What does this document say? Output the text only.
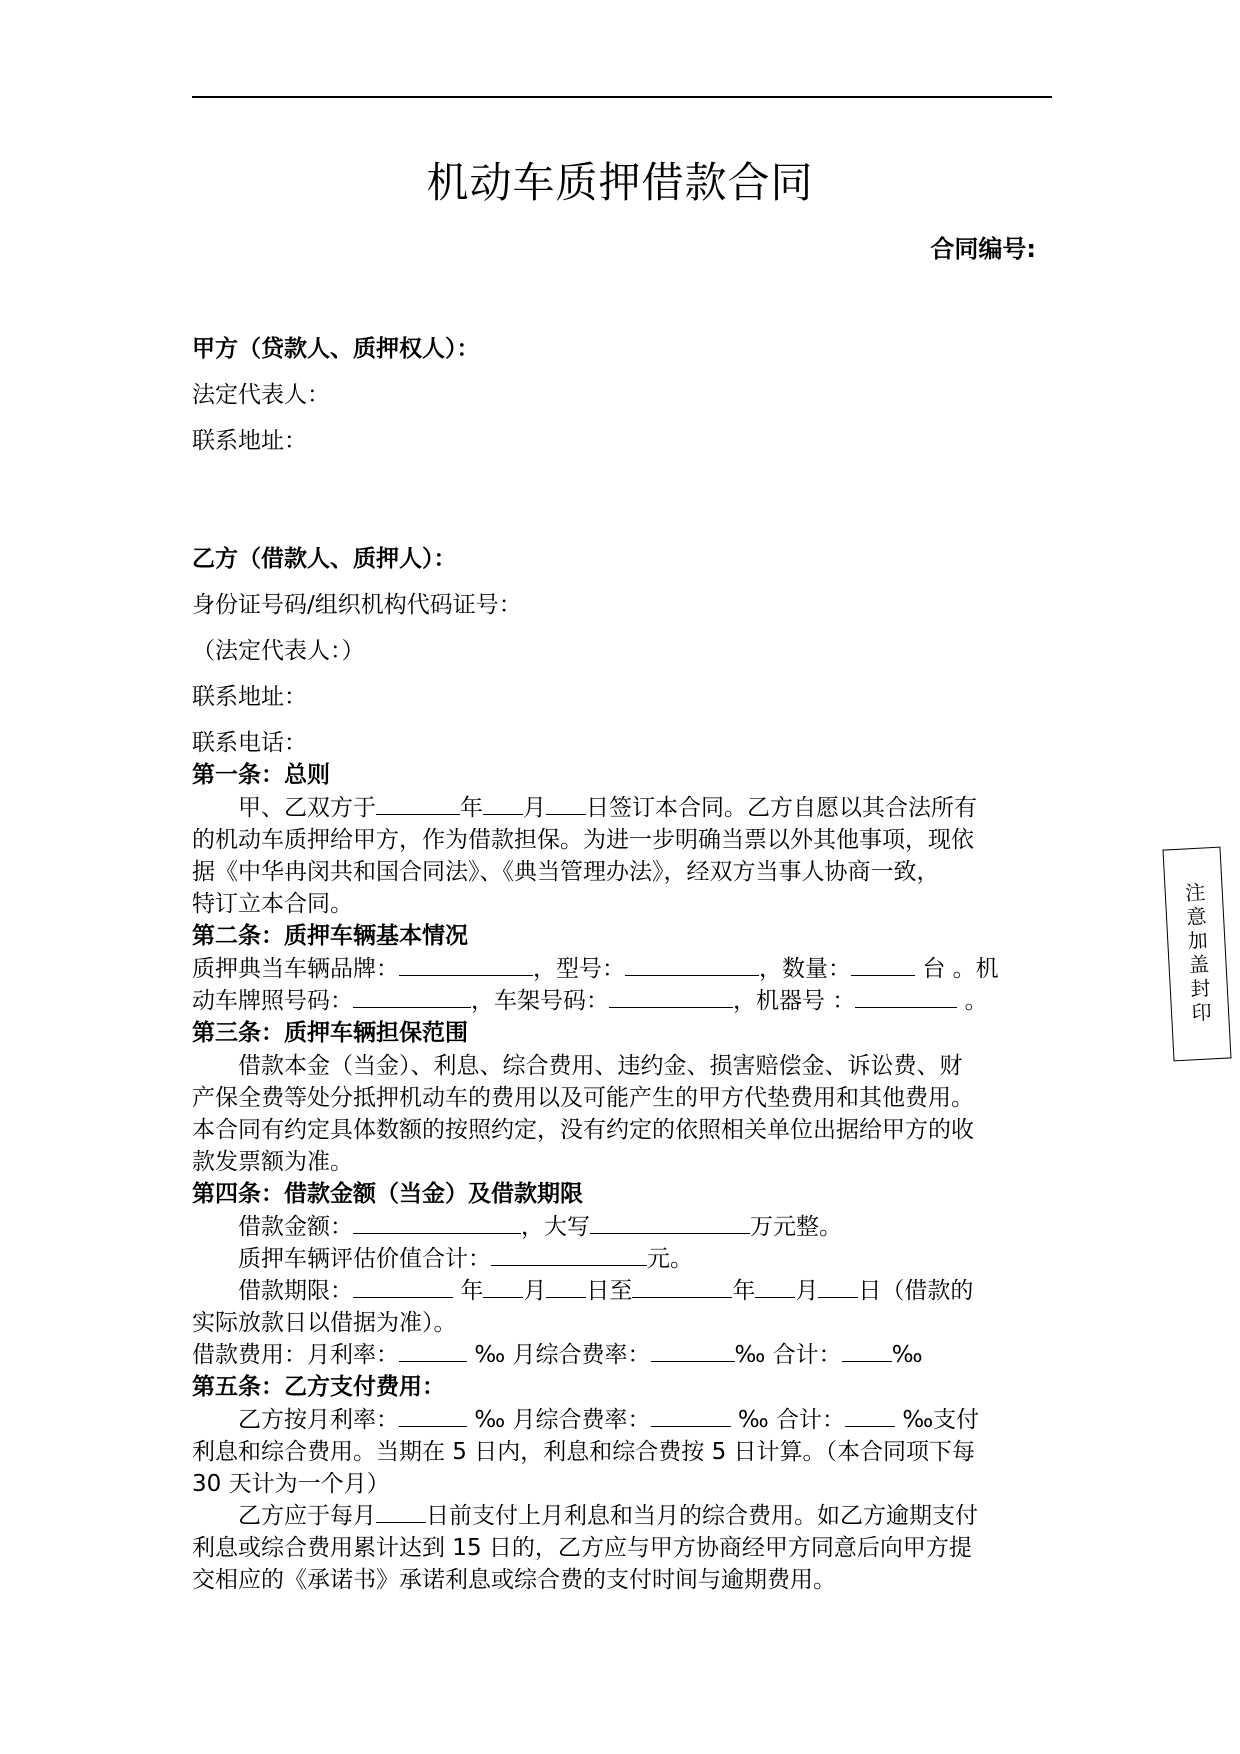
机动车质押借款合同
合同编号:
甲方（贷款人、质押权人）：
法定代表人：
联系地址：
乙方（借款人、质押人）：
身份证号码/组织机构代码证号：
（法定代表人：）
联系地址：
联系电话：
第一条：总则
甲、乙双方于	年 月 日签订本合同。乙方自愿以其合法所有
的机动车质押给甲方，作为借款担保。为进一步明确当票以外其他事项，现依
据《中华冉闵共和国合同法》、《典当管理办法》，经双方当事人协商一致，
特订立本合同。
第二条：质押车辆基本情况
质押典当车辆品牌：	，型号：	，数量：	台 。机
动车牌照号码：	，车架号码：	，机器号 ：	。
第三条：质押车辆担保范围
借款本金（当金）、利息、综合费用、违约金、损害赔偿金、诉讼费、财
产保全费等处分抵押机动车的费用以及可能产生的甲方代垫费用和其他费用。
本合同有约定具体数额的按照约定，没有约定的依照相关单位出据给甲方的收
款发票额为准。
第四条：借款金额（当金）及借款期限
借款金额：	，大写	万元整。
质押车辆评估价值合计：	元。
借款期限：	年 月 日至	年 月 日（借款的
实际放款日以借据为准）。
借款费用：月利率：	‰ 月综合费率：	‰ 合计： ‰
第五条：乙方支付费用：
乙方按月利率：	‰ 月综合费率：	‰ 合计： ‰支付
利息和综合费用。当期在 5 日内，利息和综合费按 5 日计算。（本合同项下每
30 天计为一个月）
乙方应于每月 日前支付上月利息和当月的综合费用。如乙方逾期支付
利息或综合费用累计达到 15 日的，乙方应与甲方协商经甲方同意后向甲方提
交相应的《承诺书》承诺利息或综合费的支付时间与逾期费用。
注意加盖封印
